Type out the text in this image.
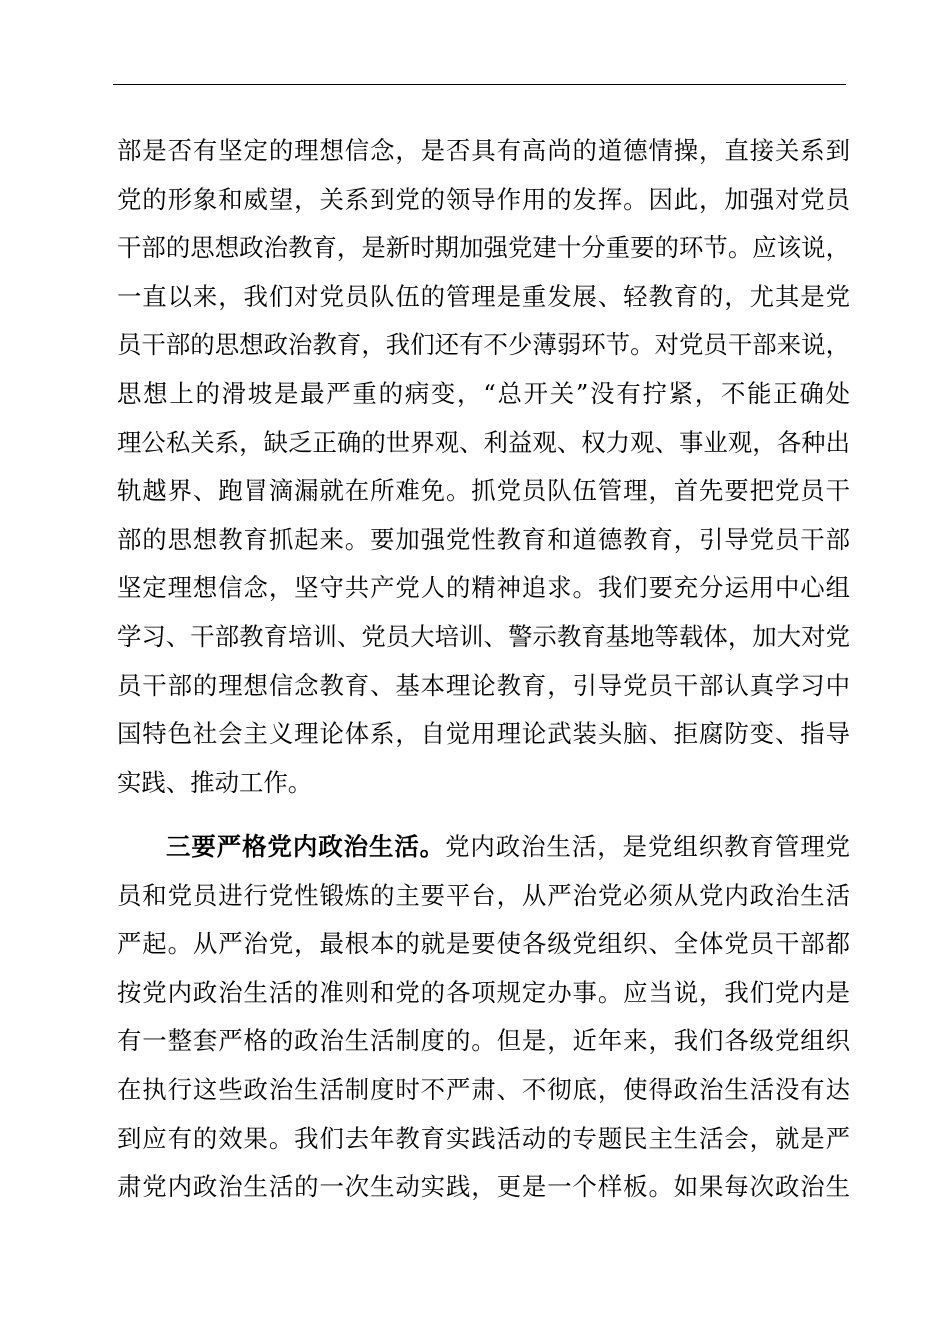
部是否有坚定的理想信念，是否具有高尚的道德情操，直接关系到
党的形象和威望，关系到党的领导作用的发挥。因此，加强对党员
干部的思想政治教育，是新时期加强党建十分重要的环节。应该说，
一直以来，我们对党员队伍的管理是重发展、轻教育的，尤其是党
员干部的思想政治教育，我们还有不少薄弱环节。对党员干部来说，
思想上的滑坡是最严重的病变，“总开关”没有拧紧，不能正确处
理公私关系，缺乏正确的世界观、利益观、权力观、事业观，各种出
轨越界、跑冒滴漏就在所难免。抓党员队伍管理，首先要把党员干
部的思想教育抓起来。要加强党性教育和道德教育，引导党员干部
坚定理想信念，坚守共产党人的精神追求。我们要充分运用中心组
学习、干部教育培训、党员大培训、警示教育基地等载体，加大对党
员干部的理想信念教育、基本理论教育，引导党员干部认真学习中
国特色社会主义理论体系，自觉用理论武装头脑、拒腐防变、指导
实践、推动工作。
三要严格党内政治生活。党内政治生活，是党组织教育管理党
员和党员进行党性锻炼的主要平台，从严治党必须从党内政治生活
严起。从严治党，最根本的就是要使各级党组织、全体党员干部都
按党内政治生活的准则和党的各项规定办事。应当说，我们党内是
有一整套严格的政治生活制度的。但是，近年来，我们各级党组织
在执行这些政治生活制度时不严肃、不彻底，使得政治生活没有达
到应有的效果。我们去年教育实践活动的专题民主生活会，就是严
肃党内政治生活的一次生动实践，更是一个样板。如果每次政治生
